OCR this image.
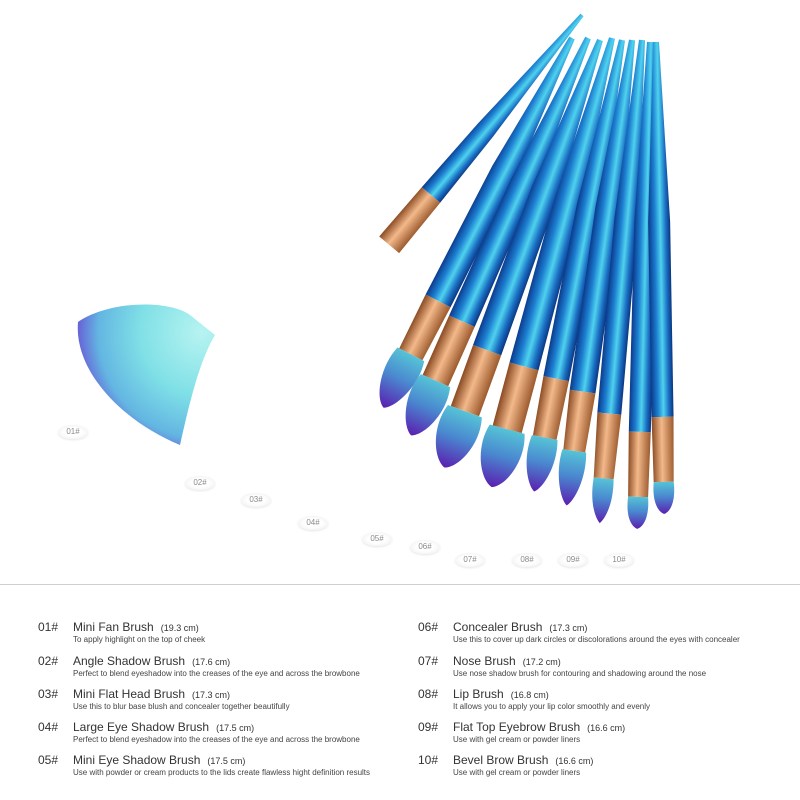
01#
02#
03#
04#
05#
06#
07#	08#	09#	10#
01#	Mini Fan Brush (19.3 cm)
To apply highlight on the top of cheek
02#	Angle Shadow Brush (17.6 cm)
Perfect to blend eyeshadow into the creases of the eye and across the browbone
03#	Mini Flat Head Brush (17.3 cm)
Use this to blur base blush and concealer together beautifully
04#	Large Eye Shadow Brush (17.5 cm)
Perfect to blend eyeshadow into the creases of the eye and across the browbone
05#	Mini Eye Shadow Brush (17.5 cm)
Use with powder or cream products to the lids create flawless hight definition results
06#	Concealer Brush (17.3 cm)
Use this to cover up dark circles or discolorations around the eyes with concealer
07#	Nose Brush (17.2 cm)
Use nose shadow brush for contouring and shadowing around the nose
08#	Lip Brush (16.8 cm)
It allows you to apply your lip color smoothly and evenly
09#	Flat Top Eyebrow Brush (16.6 cm)
Use with gel cream or powder liners
10#	Bevel Brow Brush (16.6 cm)
Use with gel cream or powder liners
